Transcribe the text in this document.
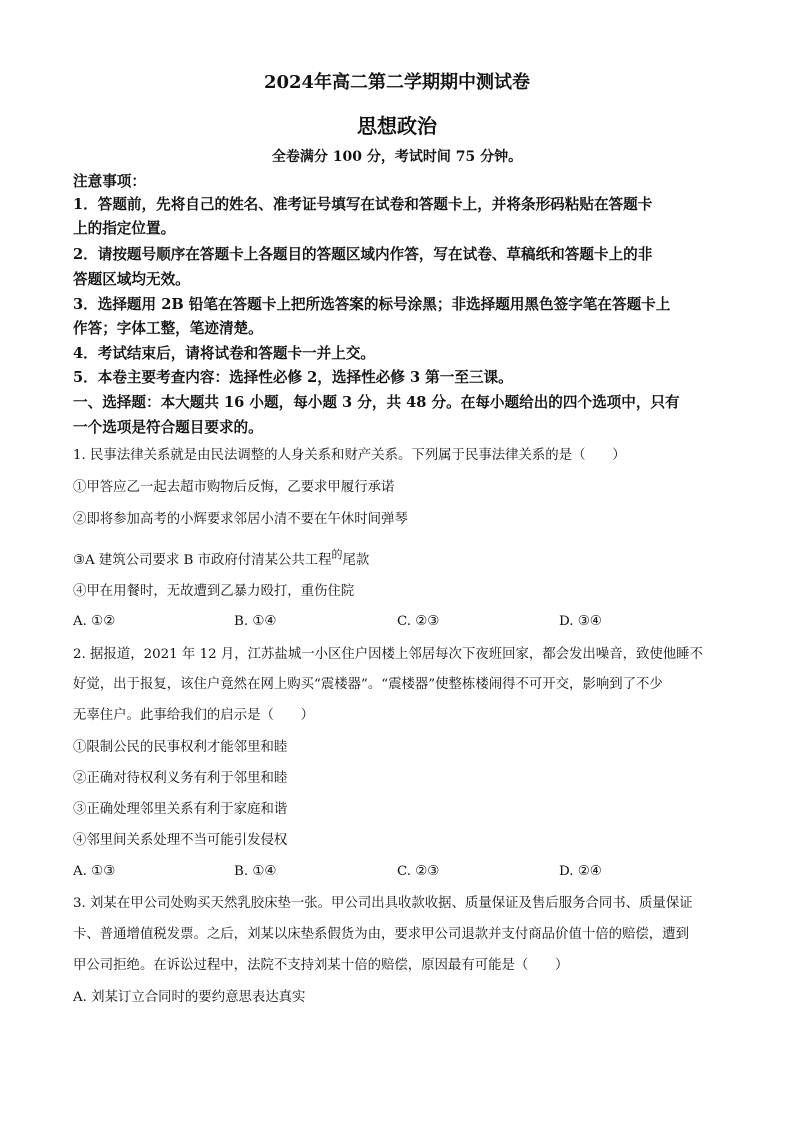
2024年高二第二学期期中测试卷
思想政治
全卷满分 100 分，考试时间 75 分钟。
注意事项：
1．答题前，先将自己的姓名、准考证号填写在试卷和答题卡上，并将条形码粘贴在答题卡
上的指定位置。
2．请按题号顺序在答题卡上各题目的答题区域内作答，写在试卷、草稿纸和答题卡上的非
答题区域均无效。
3．选择题用 2B 铅笔在答题卡上把所选答案的标号涂黑；非选择题用黑色签字笔在答题卡上
作答；字体工整，笔迹清楚。
4．考试结束后，请将试卷和答题卡一并上交。
5．本卷主要考查内容：选择性必修 2，选择性必修 3 第一至三课。
一、选择题：本大题共 16 小题，每小题 3 分，共 48 分。在每小题给出的四个选项中，只有
一个选项是符合题目要求的。
1. 民事法律关系就是由民法调整的人身关系和财产关系。下列属于民事法律关系的是（　　）
①甲答应乙一起去超市购物后反悔，乙要求甲履行承诺
②即将参加高考的小辉要求邻居小清不要在午休时间弹琴
③A 建筑公司要求 B 市政府付清某公共工程$^的$尾款
④甲在用餐时，无故遭到乙暴力殴打，重伤住院
A. ①②	B. ①④	C. ②③	D. ③④
2. 据报道，2021 年 12 月，江苏盐城一小区住户因楼上邻居每次下夜班回家，都会发出噪音，致使他睡不
好觉，出于报复，该住户竟然在网上购买“震楼器”。“震楼器”使整栋楼闹得不可开交，影响到了不少
无辜住户。此事给我们的启示是（　　）
①限制公民的民事权利才能邻里和睦
②正确对待权利义务有利于邻里和睦
③正确处理邻里关系有利于家庭和谐
④邻里间关系处理不当可能引发侵权
A. ①③	B. ①④	C. ②③	D. ②④
3. 刘某在甲公司处购买天然乳胶床垫一张。甲公司出具收款收据、质量保证及售后服务合同书、质量保证
卡、普通增值税发票。之后，刘某以床垫系假货为由，要求甲公司退款并支付商品价值十倍的赔偿，遭到
甲公司拒绝。在诉讼过程中，法院不支持刘某十倍的赔偿，原因最有可能是（　　）
A. 刘某订立合同时的要约意思表达真实
